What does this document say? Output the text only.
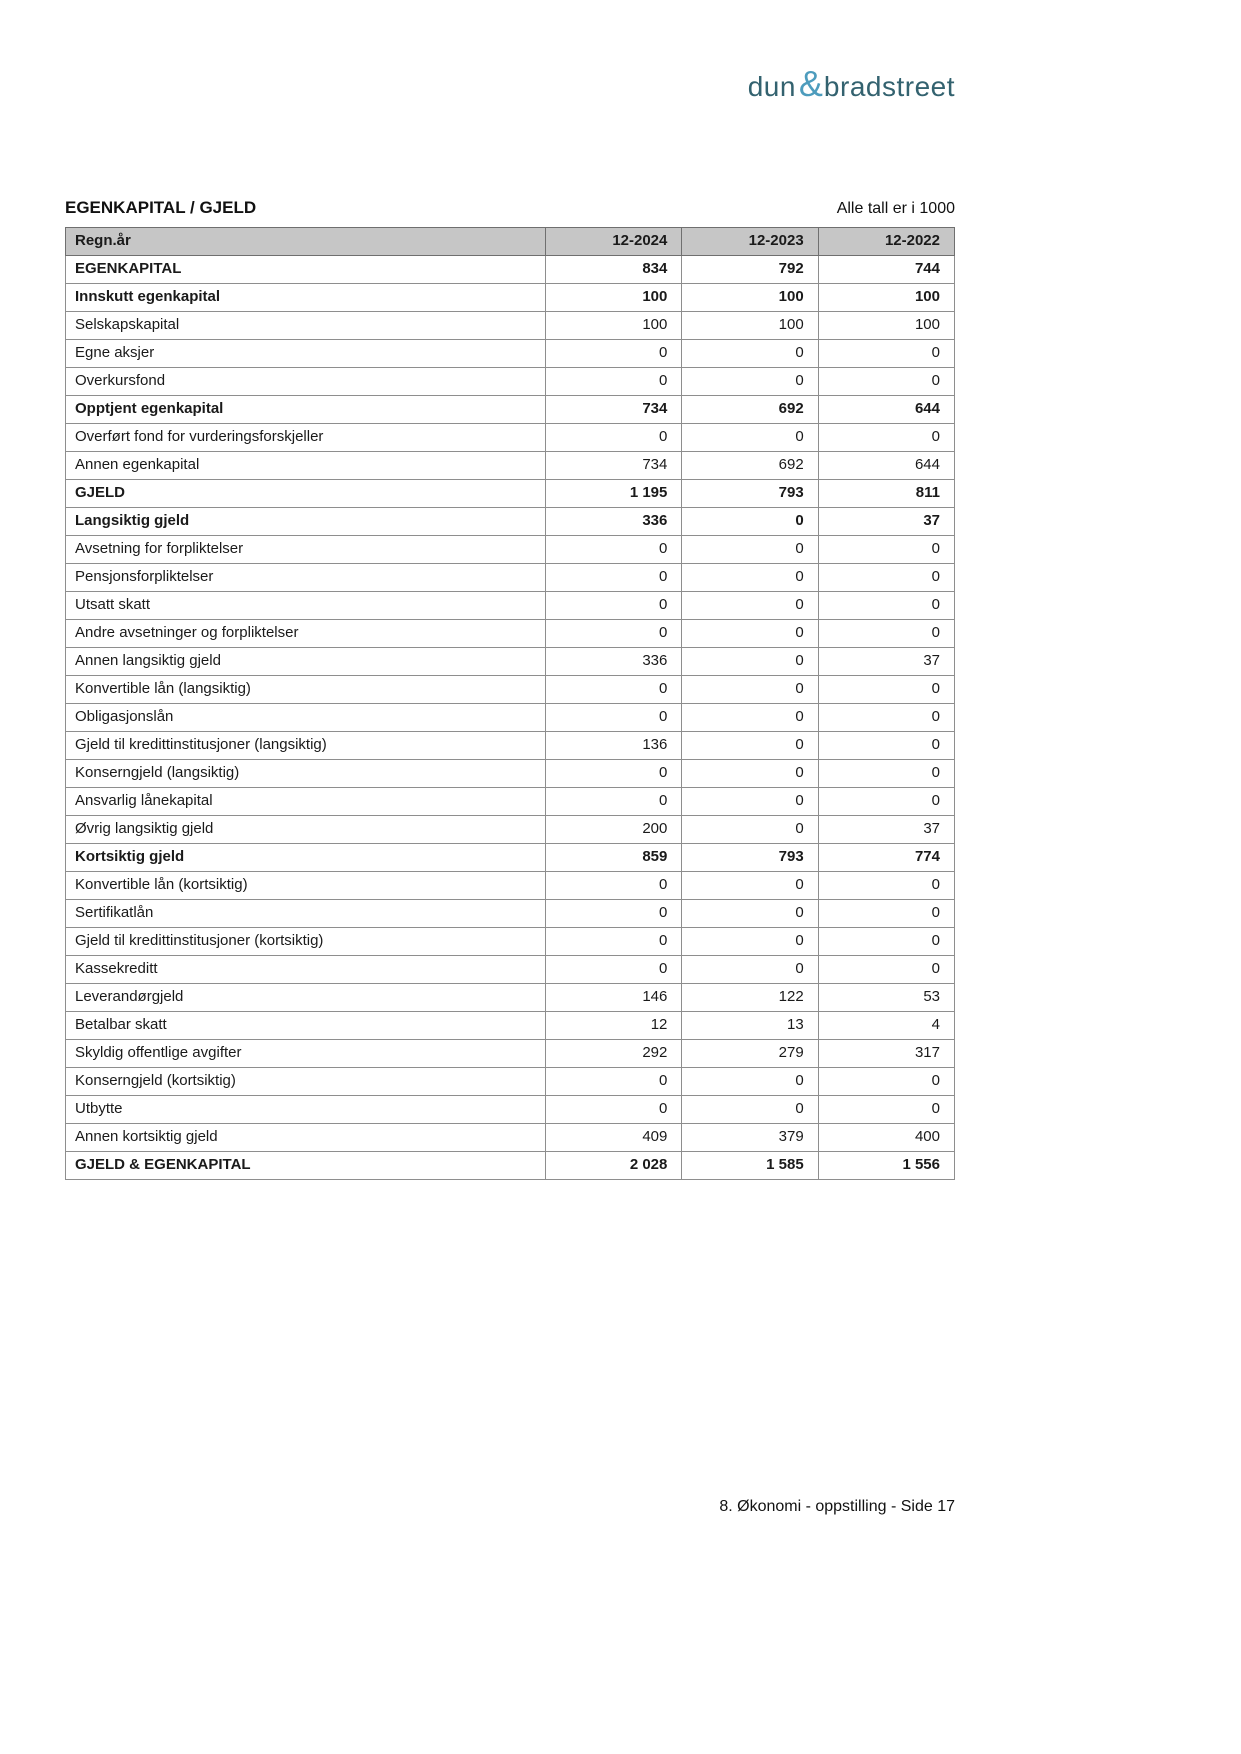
dun & bradstreet
EGENKAPITAL / GJELD	Alle tall er i 1000
Regn.år	12-2024	12-2023	12-2022
EGENKAPITAL	834	792	744
Innskutt egenkapital	100	100	100
Selskapskapital	100	100	100
Egne aksjer	0	0	0
Overkursfond	0	0	0
Opptjent egenkapital	734	692	644
Overført fond for vurderingsforskjeller	0	0	0
Annen egenkapital	734	692	644
GJELD	1 195	793	811
Langsiktig gjeld	336	0	37
Avsetning for forpliktelser	0	0	0
Pensjonsforpliktelser	0	0	0
Utsatt skatt	0	0	0
Andre avsetninger og forpliktelser	0	0	0
Annen langsiktig gjeld	336	0	37
Konvertible lån (langsiktig)	0	0	0
Obligasjonslån	0	0	0
Gjeld til kredittinstitusjoner (langsiktig)	136	0	0
Konserngjeld (langsiktig)	0	0	0
Ansvarlig lånekapital	0	0	0
Øvrig langsiktig gjeld	200	0	37
Kortsiktig gjeld	859	793	774
Konvertible lån (kortsiktig)	0	0	0
Sertifikatlån	0	0	0
Gjeld til kredittinstitusjoner (kortsiktig)	0	0	0
Kassekreditt	0	0	0
Leverandørgjeld	146	122	53
Betalbar skatt	12	13	4
Skyldig offentlige avgifter	292	279	317
Konserngjeld (kortsiktig)	0	0	0
Utbytte	0	0	0
Annen kortsiktig gjeld	409	379	400
GJELD & EGENKAPITAL	2 028	1 585	1 556
8. Økonomi - oppstilling - Side 17
